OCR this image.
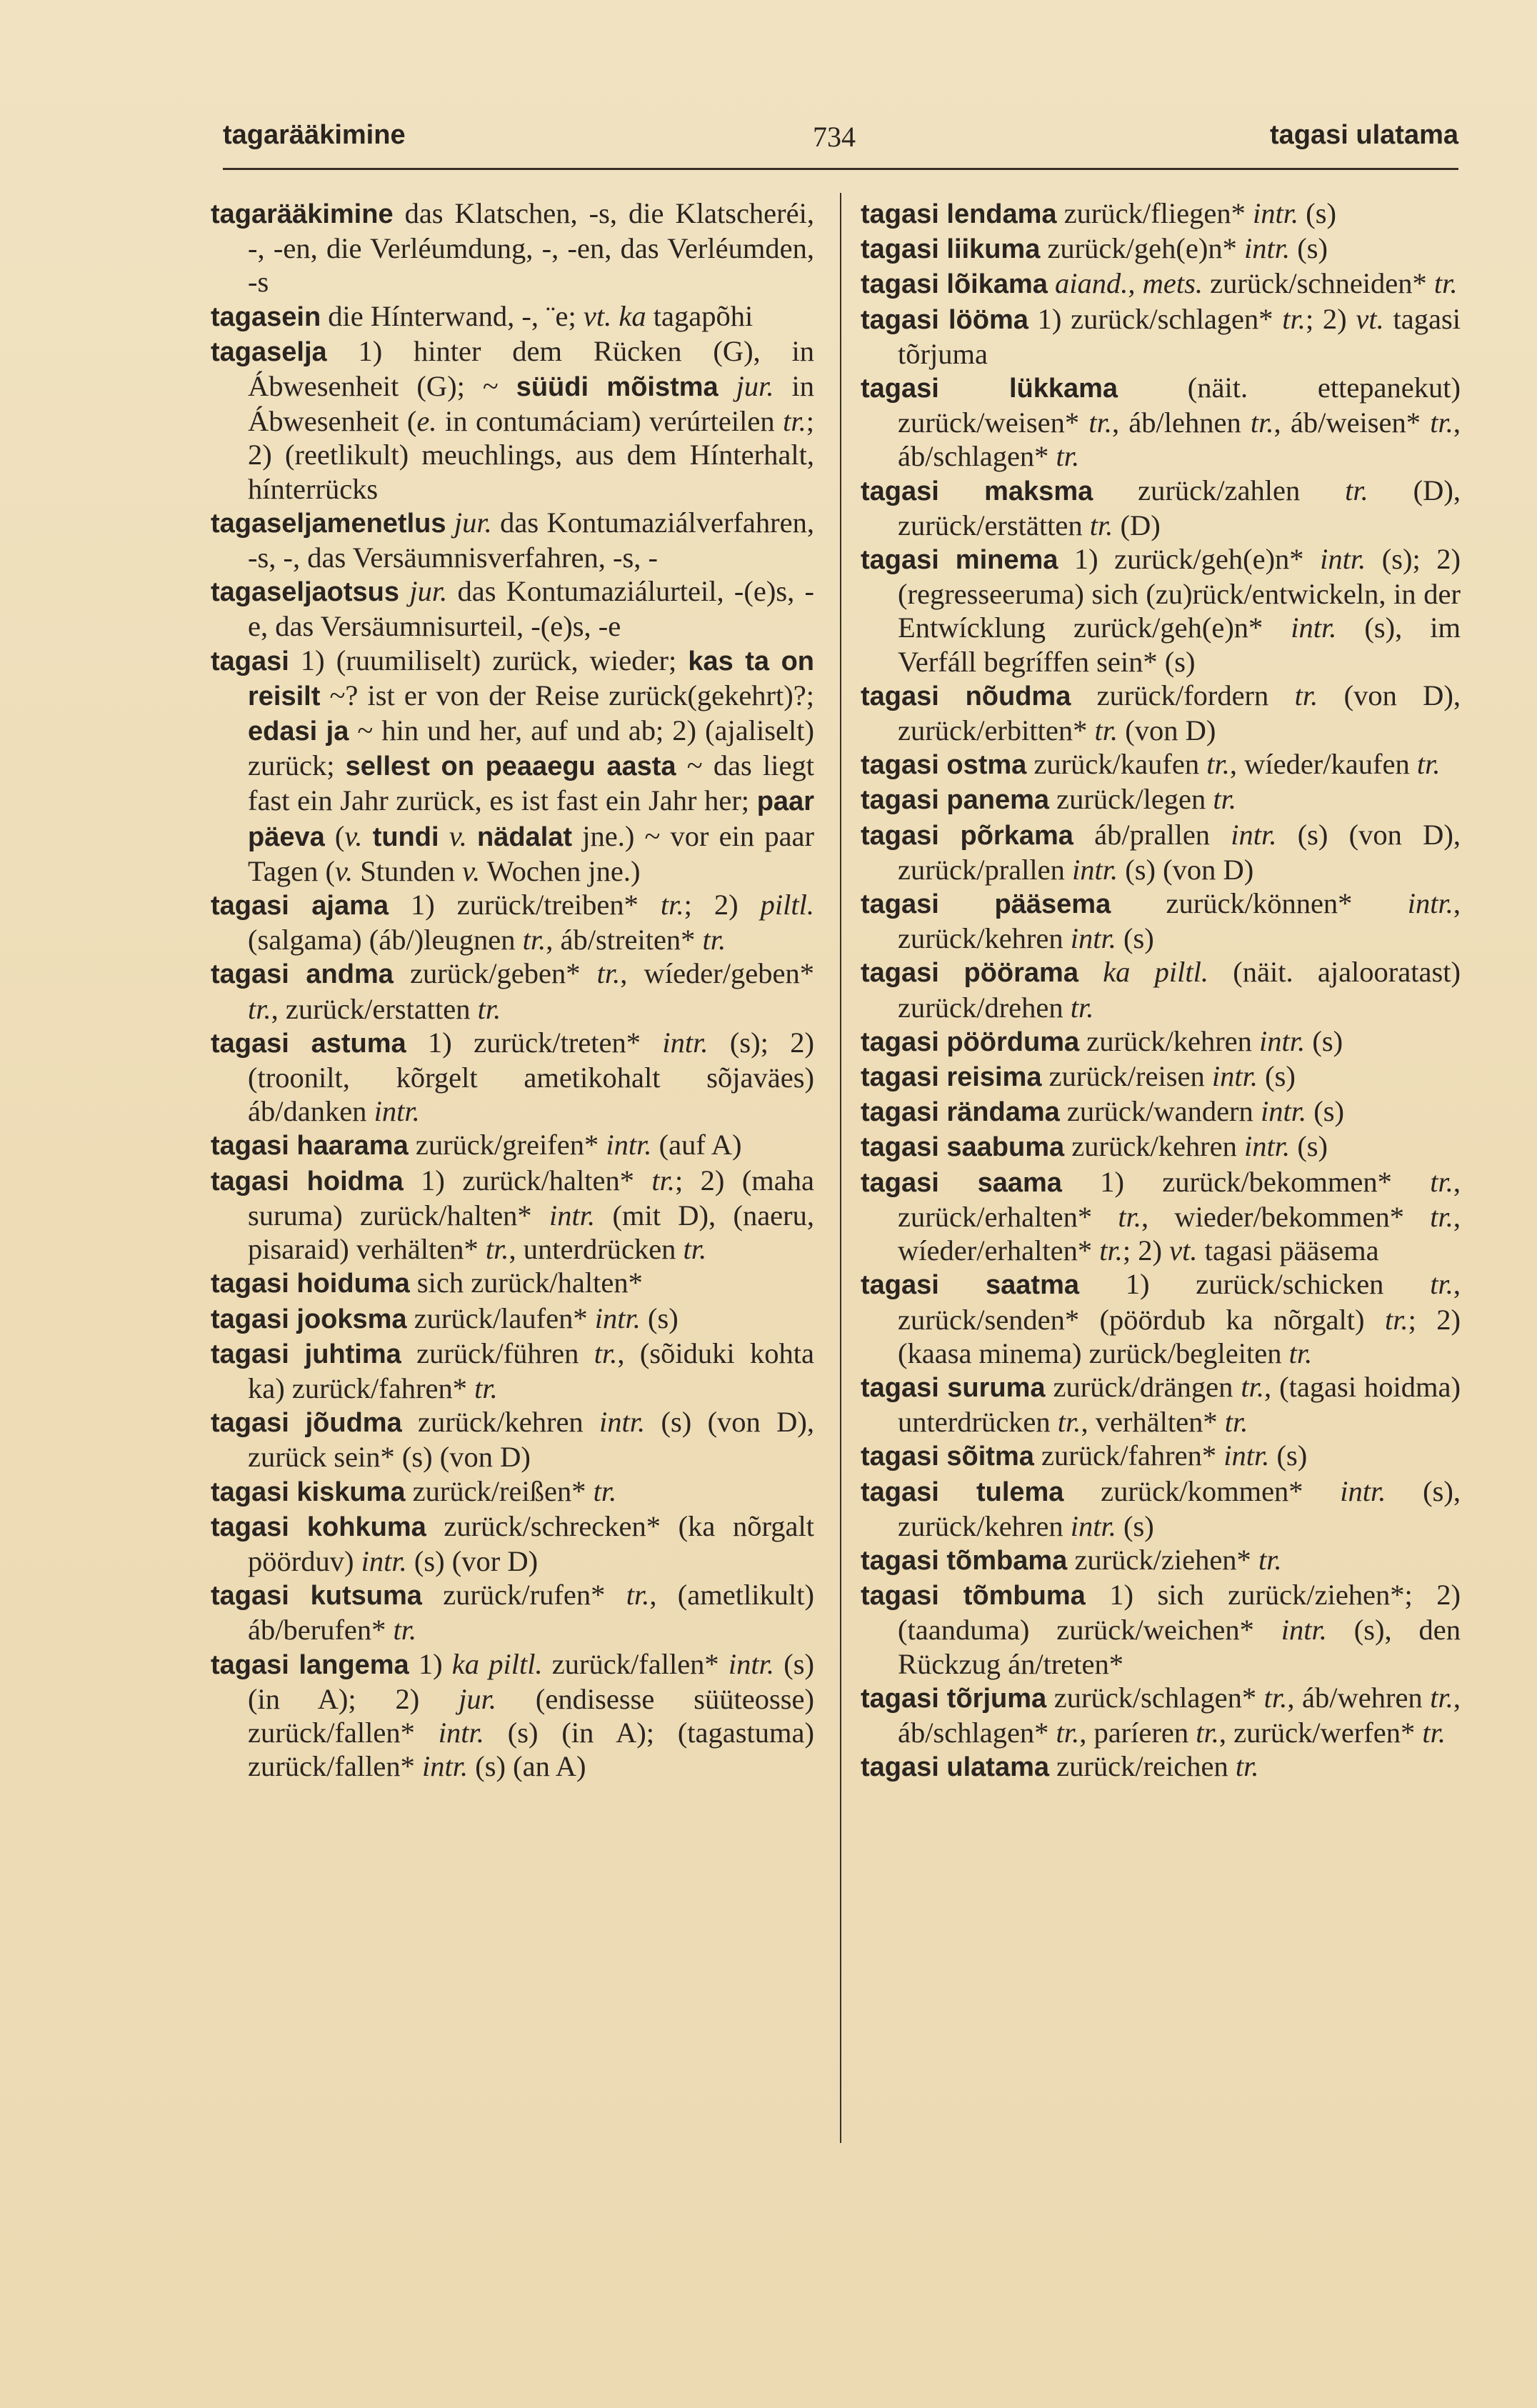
tagarääkimine	734	tagasi ulatama
tagarääkimine das Klatschen, -s, die Klatscheréi, -, -en, die Verléumdung, -, -en, das Verléumden, -s
tagasein die Hínterwand, -, ¨e; vt. ka tagapõhi
tagaselja 1) hinter dem Rücken (G), in Ábwesenheit (G); ~ süüdi mõistma jur. in Ábwesenheit (e. in contumáciam) verúrteilen tr.; 2) (reetlikult) meuchlings, aus dem Hínterhalt, hínterrücks
tagaseljamenetlus jur. das Kontumaziálverfahren, -s, -, das Versäumnisverfahren, -s, -
tagaseljaotsus jur. das Kontumaziálurteil, -(e)s, -e, das Versäumnisurteil, -(e)s, -e
tagasi 1) (ruumiliselt) zurück, wieder; kas ta on reisilt ~? ist er von der Reise zurück(gekehrt)?; edasi ja ~ hin und her, auf und ab; 2) (ajaliselt) zurück; sellest on peaaegu aasta ~ das liegt fast ein Jahr zurück, es ist fast ein Jahr her; paar päeva (v. tundi v. nädalat jne.) ~ vor ein paar Tagen (v. Stunden v. Wochen jne.)
tagasi ajama 1) zurück/treiben* tr.; 2) piltl. (salgama) (áb/)leugnen tr., áb/streiten* tr.
tagasi andma zurück/geben* tr., wíeder/geben* tr., zurück/erstatten tr.
tagasi astuma 1) zurück/treten* intr. (s); 2) (troonilt, kõrgelt ametikohalt sõjaväes) áb/danken intr.
tagasi haarama zurück/greifen* intr. (auf A)
tagasi hoidma 1) zurück/halten* tr.; 2) (maha suruma) zurück/halten* intr. (mit D), (naeru, pisaraid) verhälten* tr., unterdrücken tr.
tagasi hoiduma sich zurück/halten*
tagasi jooksma zurück/laufen* intr. (s)
tagasi juhtima zurück/führen tr., (sõiduki kohta ka) zurück/fahren* tr.
tagasi jõudma zurück/kehren intr. (s) (von D), zurück sein* (s) (von D)
tagasi kiskuma zurück/reißen* tr.
tagasi kohkuma zurück/schrecken* (ka nõrgalt pöörduv) intr. (s) (vor D)
tagasi kutsuma zurück/rufen* tr., (ametlikult) áb/berufen* tr.
tagasi langema 1) ka piltl. zurück/fallen* intr. (s) (in A); 2) jur. (endisesse süüteosse) zurück/fallen* intr. (s) (in A); (tagastuma) zurück/fallen* intr. (s) (an A)
tagasi lendama zurück/fliegen* intr. (s)
tagasi liikuma zurück/geh(e)n* intr. (s)
tagasi lõikama aiand., mets. zurück/schneiden* tr.
tagasi lööma 1) zurück/schlagen* tr.; 2) vt. tagasi tõrjuma
tagasi lükkama (näit. ettepanekut) zurück/weisen* tr., áb/lehnen tr., áb/weisen* tr., áb/schlagen* tr.
tagasi maksma zurück/zahlen tr. (D), zurück/erstätten tr. (D)
tagasi minema 1) zurück/geh(e)n* intr. (s); 2) (regresseeruma) sich (zu)rück/entwickeln, in der Entwícklung zurück/geh(e)n* intr. (s), im Verfáll begríffen sein* (s)
tagasi nõudma zurück/fordern tr. (von D), zurück/erbitten* tr. (von D)
tagasi ostma zurück/kaufen tr., wíeder/kaufen tr.
tagasi panema zurück/legen tr.
tagasi põrkama áb/prallen intr. (s) (von D), zurück/prallen intr. (s) (von D)
tagasi pääsema zurück/können* intr., zurück/kehren intr. (s)
tagasi pöörama ka piltl. (näit. ajalooratast) zurück/drehen tr.
tagasi pöörduma zurück/kehren intr. (s)
tagasi reisima zurück/reisen intr. (s)
tagasi rändama zurück/wandern intr. (s)
tagasi saabuma zurück/kehren intr. (s)
tagasi saama 1) zurück/bekommen* tr., zurück/erhalten* tr., wieder/bekommen* tr., wíeder/erhalten* tr.; 2) vt. tagasi pääsema
tagasi saatma 1) zurück/schicken tr., zurück/senden* (pöördub ka nõrgalt) tr.; 2) (kaasa minema) zurück/begleiten tr.
tagasi suruma zurück/drängen tr., (tagasi hoidma) unterdrücken tr., verhälten* tr.
tagasi sõitma zurück/fahren* intr. (s)
tagasi tulema zurück/kommen* intr. (s), zurück/kehren intr. (s)
tagasi tõmbama zurück/ziehen* tr.
tagasi tõmbuma 1) sich zurück/ziehen*; 2) (taanduma) zurück/weichen* intr. (s), den Rückzug án/treten*
tagasi tõrjuma zurück/schlagen* tr., áb/wehren tr., áb/schlagen* tr., paríeren tr., zurück/werfen* tr.
tagasi ulatama zurück/reichen tr.
